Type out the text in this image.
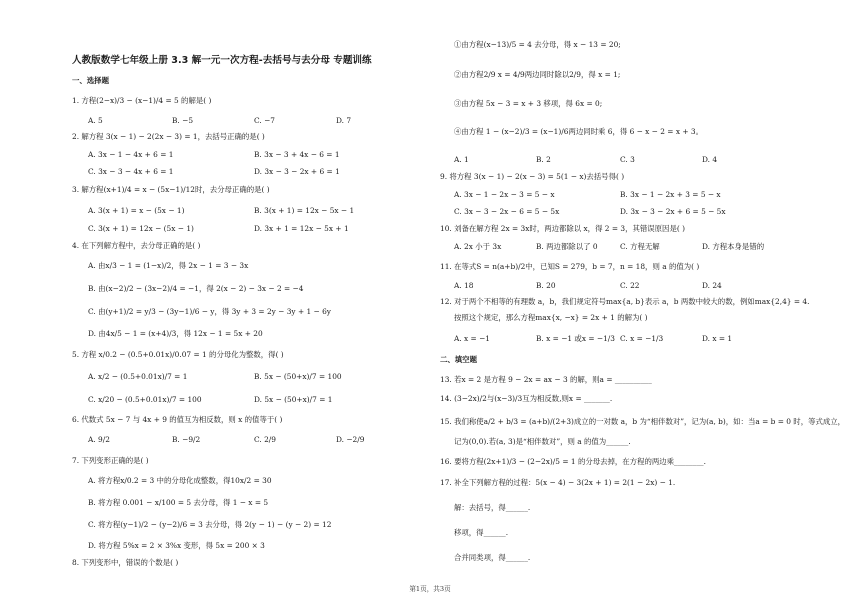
人教版数学七年级上册 3.3 解一元一次方程-去括号与去分母 专题训练
一、选择题
1. 方程(2−x)/3 − (x−1)/4 = 5 的解是( )
A. 5	B. −5	C. −7	D. 7
2. 解方程 3(x − 1) − 2(2x − 3) = 1，去括号正确的是( )
A. 3x − 1 − 4x + 6 = 1	B. 3x − 3 + 4x − 6 = 1
C. 3x − 3 − 4x + 6 = 1	D. 3x − 3 − 2x + 6 = 1
3. 解方程(x+1)/4 = x − (5x−1)/12时，去分母正确的是( )
A. 3(x + 1) = x − (5x − 1)	B. 3(x + 1) = 12x − 5x − 1
C. 3(x + 1) = 12x − (5x − 1)	D. 3x + 1 = 12x − 5x + 1
4. 在下列解方程中，去分母正确的是( )
A. 由x/3 − 1 = (1−x)/2，得 2x − 1 = 3 − 3x
B. 由(x−2)/2 − (3x−2)/4 = −1，得 2(x − 2) − 3x − 2 = −4
C. 由(y+1)/2 = y/3 − (3y−1)/6 − y，得 3y + 3 = 2y − 3y + 1 − 6y
D. 由4x/5 − 1 = (x+4)/3，得 12x − 1 = 5x + 20
5. 方程 x/0.2 − (0.5+0.01x)/0.07 = 1 的分母化为整数，得( )
A. x/2 − (0.5+0.01x)/7 = 1	B. 5x − (50+x)/7 = 100
C. x/20 − (0.5+0.01x)/7 = 100	D. 5x − (50+x)/7 = 1
6. 代数式 5x − 7 与 4x + 9 的值互为相反数，则 x 的值等于( )
A. 9/2	B. −9/2	C. 2/9	D. −2/9
7. 下列变形正确的是( )
A. 将方程x/0.2 = 3 中的分母化成整数，得10x/2 = 30
B. 将方程 0.001 − x/100 = 5 去分母，得 1 − x = 5
C. 将方程(y−1)/2 − (y−2)/6 = 3 去分母，得 2(y − 1) − (y − 2) = 12
D. 将方程 5%x = 2 × 3%x 变形，得 5x = 200 × 3
8. 下列变形中，错误的个数是( )
二、填空题
①由方程(x−13)/5 = 4 去分母，得 x − 13 = 20;
②由方程2/9 x = 4/9两边同时除以2/9，得 x = 1;
③由方程 5x − 3 = x + 3 移项，得 6x = 0;
④由方程 1 − (x−2)/3 = (x−1)/6两边同时乘 6，得 6 − x − 2 = x + 3。
A. 1	B. 2	C. 3	D. 4
9. 将方程 3(x − 1) − 2(x − 3) = 5(1 − x)去括号得( )
A. 3x − 1 − 2x − 3 = 5 − x	B. 3x − 1 − 2x + 3 = 5 − x
C. 3x − 3 − 2x − 6 = 5 − 5x	D. 3x − 3 − 2x + 6 = 5 − 5x
10. 刘备在解方程 2x = 3x时，两边都除以 x，得 2 = 3，其错误原因是( )
A. 2x 小于 3x	B. 两边都除以了 0	C. 方程无解	D. 方程本身是错的
11. 在等式S = n(a+b)/2中，已知S = 279，b = 7，n = 18，则 a 的值为( )
A. 18	B. 20	C. 22	D. 24
12. 对于两个不相等的有理数 a，b，我们规定符号max{a, b}表示 a，b 两数中较大的数，例如max{2,4} = 4.
按照这个规定，那么方程max{x, −x} = 2x + 1 的解为( )
A. x = −1	B. x = −1 或x = −1/3 C. x = −1/3	D. x = 1
13. 若x = 2 是方程 9 − 2x = ax − 3 的解，则a = __________
14. (3−2x)/2与(x−3)/3互为相反数,则x = _______.
15. 我们称使a/2 + b/3 = (a+b)/(2+3)成立的一对数 a，b 为“相伴数对”，记为(a, b)，如：当a = b = 0 时，等式成立，
记为(0,0).若(a, 3)是“相伴数对”，则 a 的值为______.
16. 要将方程(2x+1)/3 − (2−2x)/5 = 1 的分母去掉，在方程的两边乘________.
17. 补全下列解方程的过程：5(x − 4) − 3(2x + 1) = 2(1 − 2x) − 1.
解：去括号，得______.
移项，得______.
合并同类项，得______.
第1页，共3页
